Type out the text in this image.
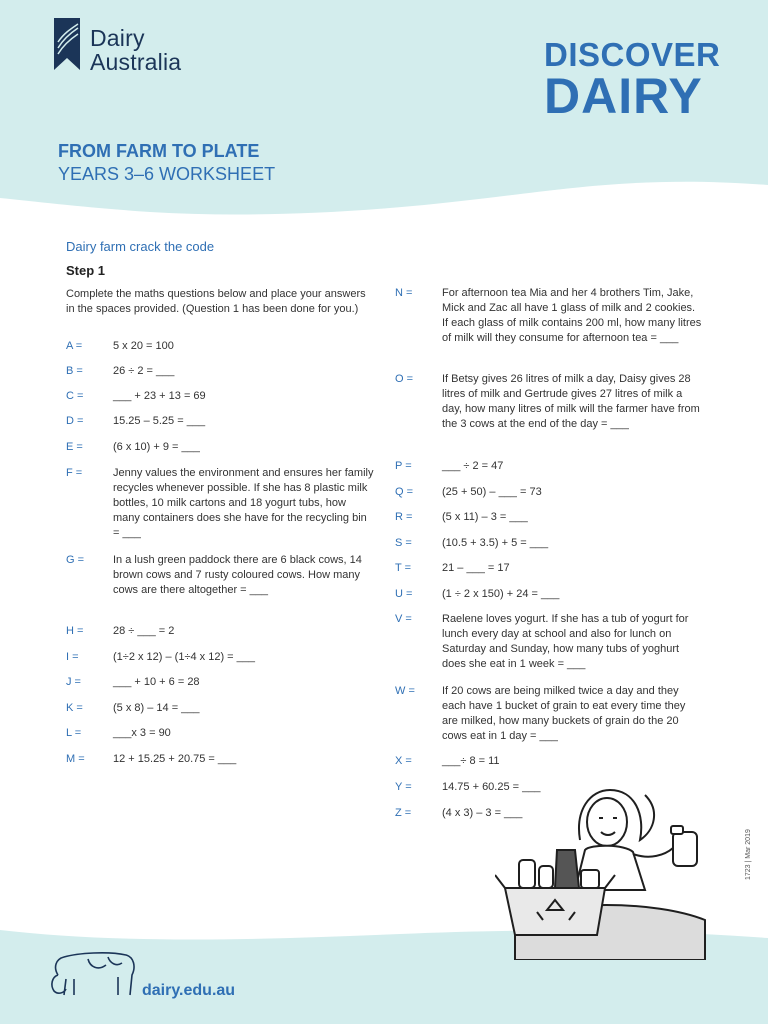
Dairy
Australia	DISCOVER
DAIRY
FROM FARM TO PLATE
YEARS 3–6 WORKSHEET
Dairy farm crack the code
Step 1
Complete the maths questions below and place your answers in the spaces provided. (Question 1 has been done for you.)
A =	5 x 20 = 100
B =	26 ÷ 2 = ___
C =	___ + 23 + 13 = 69
D =	15.25 – 5.25 = ___
E =	(6 x 10) + 9 = ___
F =	Jenny values the environment and ensures her family recycles whenever possible. If she has 8 plastic milk bottles, 10 milk cartons and 18 yogurt tubs, how many containers does she have for the recycling bin = ___
G =	In a lush green paddock there are 6 black cows, 14 brown cows and 7 rusty coloured cows. How many cows are there altogether = ___
H =	28 ÷ ___ = 2
I =	(1÷2 x 12) – (1÷4 x 12) = ___
J =	___ + 10 + 6 = 28
K =	(5 x 8) – 14 = ___
L =	___x 3 = 90
M =	12 + 15.25 + 20.75 = ___
N =	For afternoon tea Mia and her 4 brothers Tim, Jake, Mick and Zac all have 1 glass of milk and 2 cookies. If each glass of milk contains 200 ml, how many litres of milk will they consume for afternoon tea = ___
O =	If Betsy gives 26 litres of milk a day, Daisy gives 28 litres of milk and Gertrude gives 27 litres of milk a day, how many litres of milk will the farmer have from the 3 cows at the end of the day = ___
P =	___ ÷ 2 = 47
Q =	(25 + 50) – ___ = 73
R =	(5 x 11) – 3 = ___
S =	(10.5 + 3.5) + 5 = ___
T =	21 – ___ = 17
U =	(1 ÷ 2 x 150) + 24 = ___
V =	Raelene loves yogurt. If she has a tub of yogurt for lunch every day at school and also for lunch on Saturday and Sunday, how many tubs of yoghurt does she eat in 1 week = ___
W =	If 20 cows are being milked twice a day and they each have 1 bucket of grain to eat every time they are milked, how many buckets of grain do the 20 cows eat in 1 day = ___
X =	___÷ 8 = 11
Y =	14.75 + 60.25 = ___
Z =	(4 x 3) – 3 = ___
dairy.edu.au
1723 | Mar 2019
